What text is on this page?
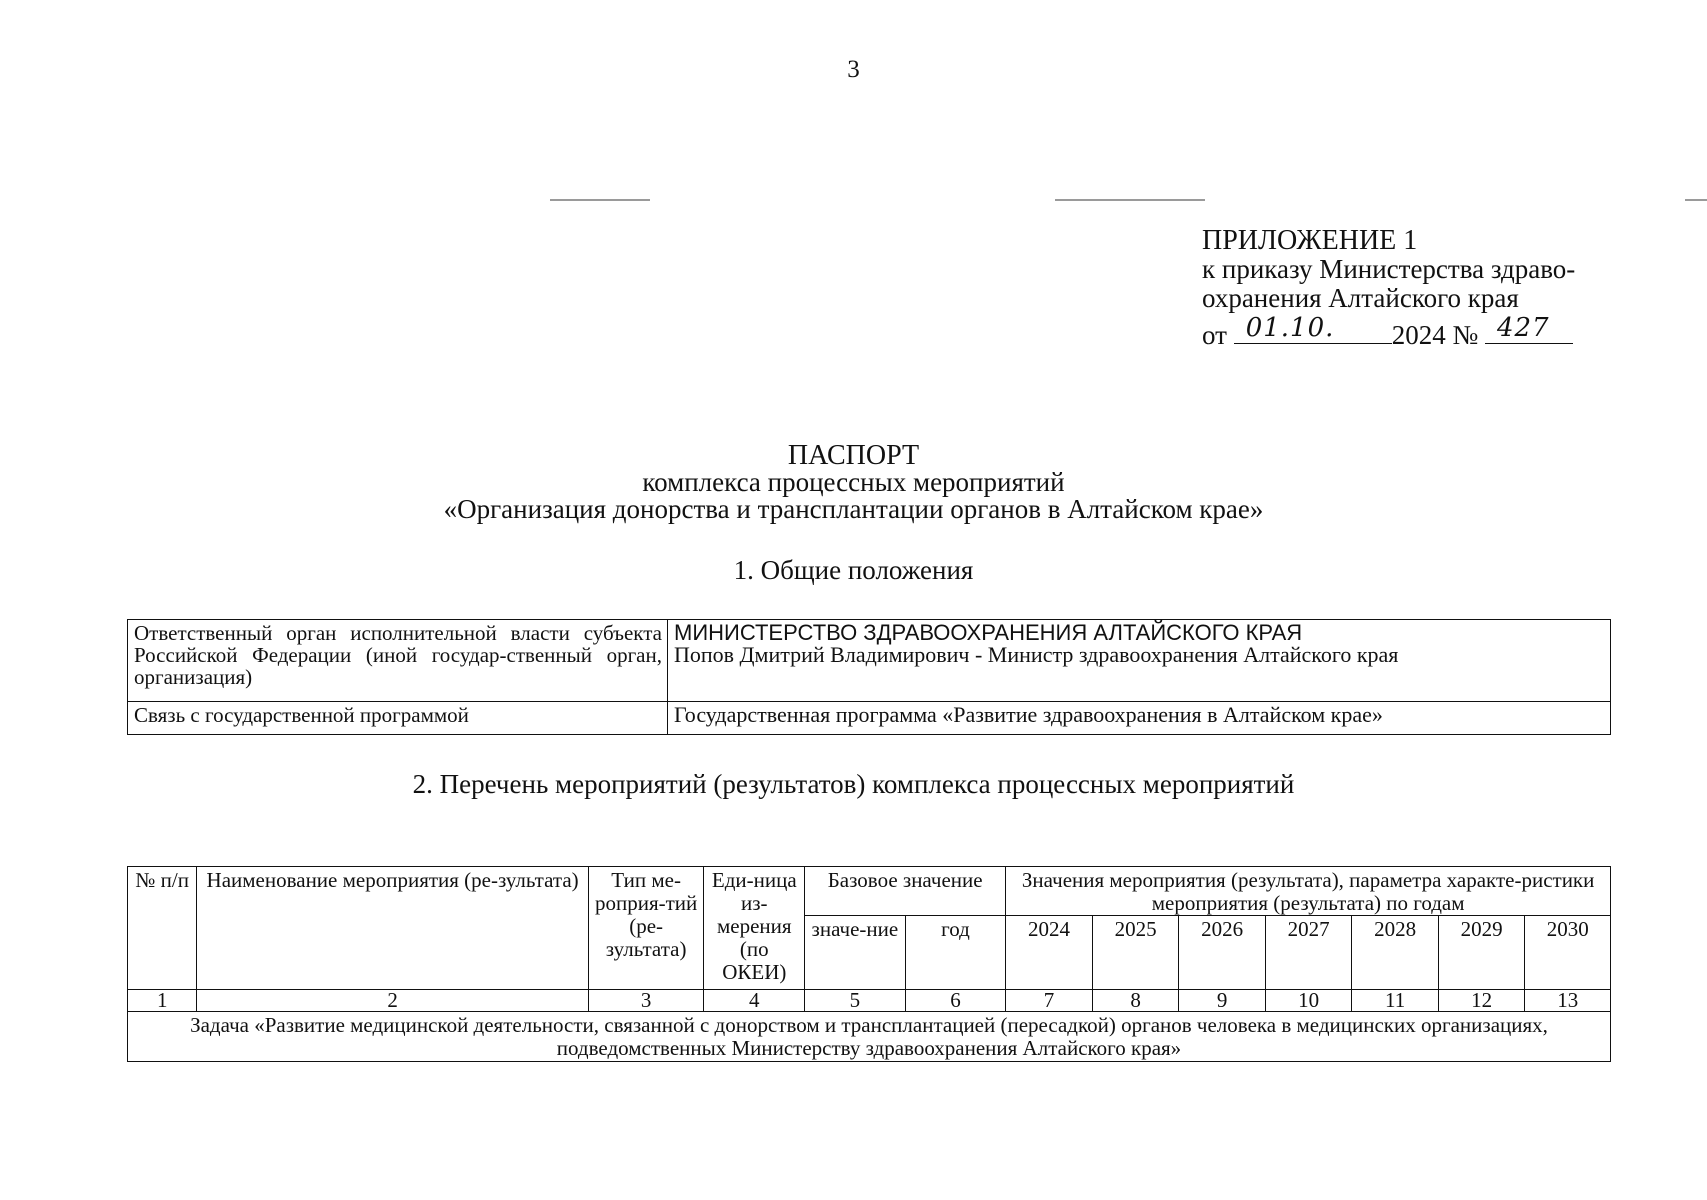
3
ПРИЛОЖЕНИЕ 1
к приказу Министерства здраво-
охранения Алтайского края
от 01.10. 2024 № 427
ПАСПОРТ
комплекса процессных мероприятий
«Организация донорства и трансплантации органов в Алтайском крае»
1. Общие положения
Ответственный орган исполнительной власти субъекта Российской Федерации (иной государ-ственный орган, организация)	МИНИСТЕРСТВО ЗДРАВООХРАНЕНИЯ АЛТАЙСКОГО КРАЯ
Попов Дмитрий Владимирович - Министр здравоохранения Алтайского края

Связь с государственной программой	Государственная программа «Развитие здравоохранения в Алтайском крае»
2. Перечень мероприятий (результатов) комплекса процессных мероприятий
№ п/п	Наименование мероприятия (ре-зультата)	Тип ме-роприя-тий (ре-зультата)	Еди-ница из-мерения (по ОКЕИ)	Базовое значение		Значения мероприятия (результата), параметра характе-ристики мероприятия (результата) по годам						
				значе-ние	год	2024	2025	2026	2027	2028	2029	2030
1	2	3	4	5	6	7	8	9	10	11	12	13
Задача «Развитие медицинской деятельности, связанной с донорством и трансплантацией (пересадкой) органов человека в медицинских организациях, подведомственных Министерству здравоохранения Алтайского края»												
